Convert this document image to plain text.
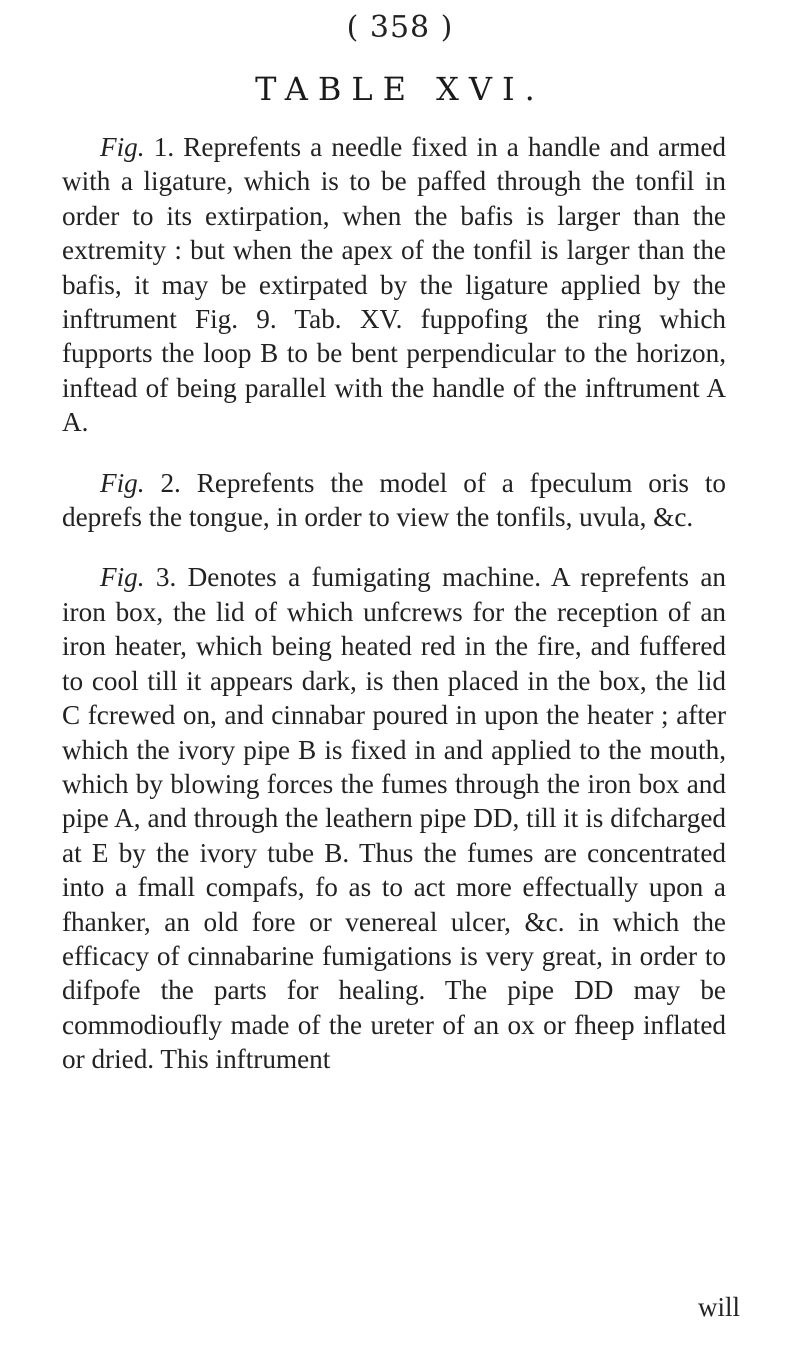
( 358 )
TABLE XVI.

Fig. 1. Reprefents a needle fixed in a handle and armed with a ligature, which is to be paffed through the tonfil in order to its extirpation, when the bafis is larger than the extremity : but when the apex of the tonfil is larger than the bafis, it may be extirpated by the ligature applied by the inftrument Fig. 9. Tab. XV. fuppofing the ring which fupports the loop B to be bent perpendicular to the horizon, inftead of being parallel with the handle of the inftrument A A.

Fig. 2. Reprefents the model of a fpeculum oris to deprefs the tongue, in order to view the tonfils, uvula, &c.

Fig. 3. Denotes a fumigating machine. A reprefents an iron box, the lid of which unfcrews for the reception of an iron heater, which being heated red in the fire, and fuffered to cool till it appears dark, is then placed in the box, the lid C fcrewed on, and cinnabar poured in upon the heater ; after which the ivory pipe B is fixed in and applied to the mouth, which by blowing forces the fumes through the iron box and pipe A, and through the leathern pipe DD, till it is difcharged at E by the ivory tube B. Thus the fumes are concentrated into a fmall compafs, fo as to act more effectually upon a fhanker, an old fore or venereal ulcer, &c. in which the efficacy of cinnabarine fumigations is very great, in order to difpofe the parts for healing. The pipe DD may be commodioufly made of the ureter of an ox or fheep inflated or dried. This inftrument

will
